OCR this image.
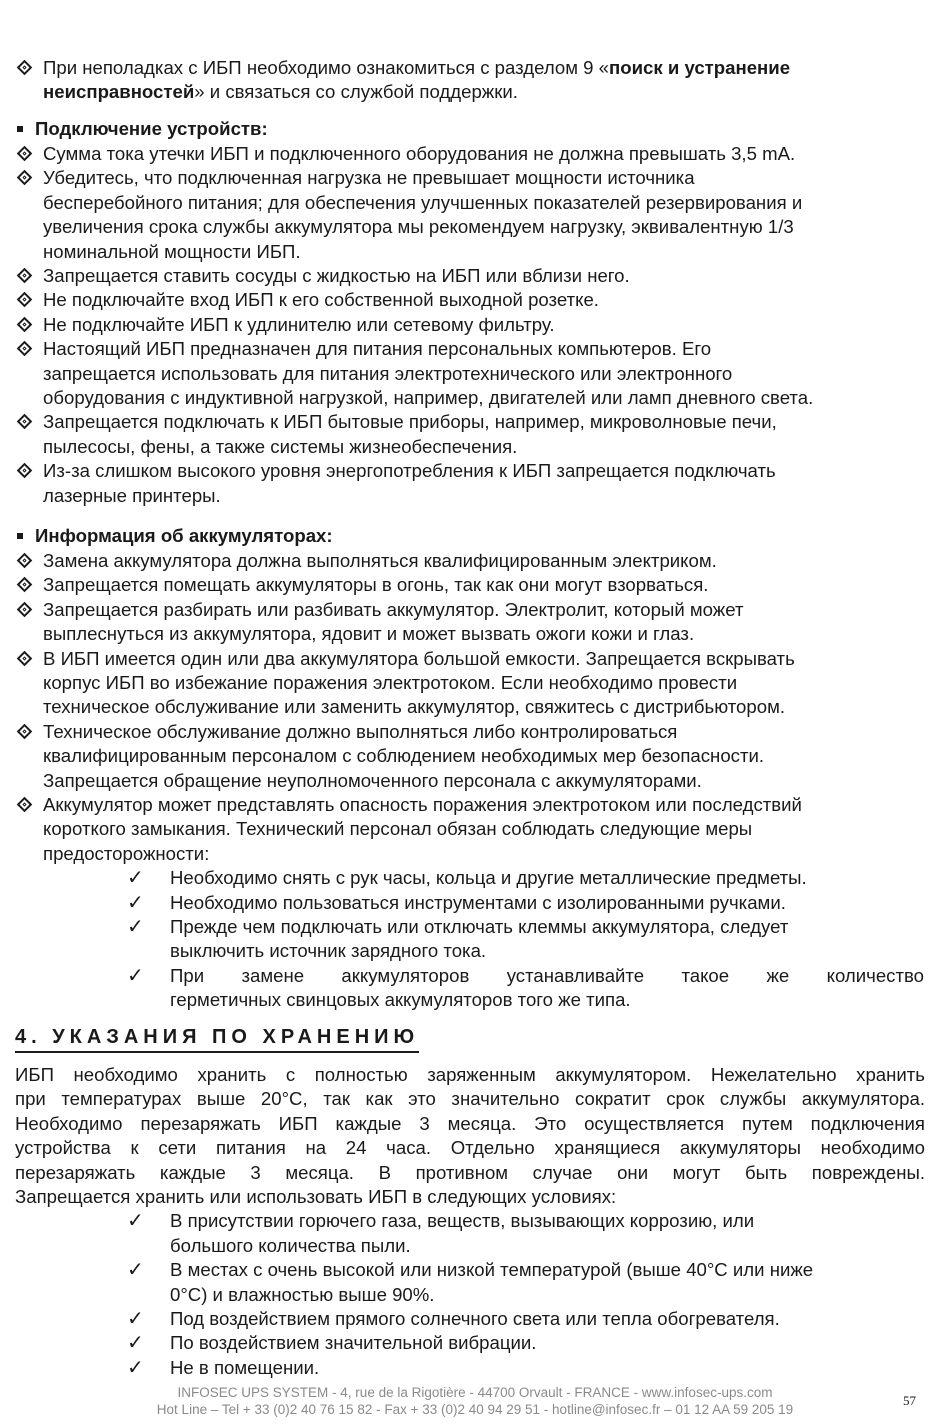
При неполадках с ИБП необходимо ознакомиться с разделом 9 «поиск и устранение
неисправностей» и связаться со службой поддержки.
Подключение устройств:
Сумма тока утечки ИБП и подключенного оборудования не должна превышать 3,5 mA.
Убедитесь, что подключенная нагрузка не превышает мощности источника
бесперебойного питания; для обеспечения улучшенных показателей резервирования и
увеличения срока службы аккумулятора мы рекомендуем нагрузку, эквивалентную 1/3
номинальной мощности ИБП.
Запрещается ставить сосуды с жидкостью на ИБП или вблизи него.
Не подключайте вход ИБП к его собственной выходной розетке.
Не подключайте ИБП к удлинителю или сетевому фильтру.
Настоящий ИБП предназначен для питания персональных компьютеров. Его
запрещается использовать для питания электротехнического или электронного
оборудования с индуктивной нагрузкой, например, двигателей или ламп дневного света.
Запрещается подключать к ИБП бытовые приборы, например, микроволновые печи,
пылесосы, фены, а также системы жизнеобеспечения.
Из-за слишком высокого уровня энергопотребления к ИБП запрещается подключать
лазерные принтеры.
Информация об аккумуляторах:
Замена аккумулятора должна выполняться квалифицированным электриком.
Запрещается помещать аккумуляторы в огонь, так как они могут взорваться.
Запрещается разбирать или разбивать аккумулятор. Электролит, который может
выплеснуться из аккумулятора, ядовит и может вызвать ожоги кожи и глаз.
В ИБП имеется один или два аккумулятора большой емкости. Запрещается вскрывать
корпус ИБП во избежание поражения электротоком. Если необходимо провести
техническое обслуживание или заменить аккумулятор, свяжитесь с дистрибьютором.
Техническое обслуживание должно выполняться либо контролироваться
квалифицированным персоналом с соблюдением необходимых мер безопасности.
Запрещается обращение неуполномоченного персонала с аккумуляторами.
Аккумулятор может представлять опасность поражения электротоком или последствий
короткого замыкания. Технический персонал обязан соблюдать следующие меры
предосторожности:
✓ Необходимо снять с рук часы, кольца и другие металлические предметы.
✓ Необходимо пользоваться инструментами с изолированными ручками.
✓ Прежде чем подключать или отключать клеммы аккумулятора, следует
выключить источник зарядного тока.
✓ При замене аккумуляторов устанавливайте такое же количество
герметичных свинцовых аккумуляторов того же типа.
4. УКАЗАНИЯ ПО ХРАНЕНИЮ
ИБП необходимо хранить с полностью заряженным аккумулятором. Нежелательно хранить
при температурах выше 20°C, так как это значительно сократит срок службы аккумулятора.
Необходимо перезаряжать ИБП каждые 3 месяца. Это осуществляется путем подключения
устройства к сети питания на 24 часа. Отдельно хранящиеся аккумуляторы необходимо
перезаряжать каждые 3 месяца. В противном случае они могут быть повреждены.
Запрещается хранить или использовать ИБП в следующих условиях:
✓ В присутствии горючего газа, веществ, вызывающих коррозию, или
большого количества пыли.
✓ В местах с очень высокой или низкой температурой (выше 40°C или ниже
0°C) и влажностью выше 90%.
✓ Под воздействием прямого солнечного света или тепла обогревателя.
✓ По воздействием значительной вибрации.
✓ Не в помещении.
INFOSEC UPS SYSTEM - 4, rue de la Rigotière - 44700 Orvault - FRANCE - www.infosec-ups.com
Hot Line – Tel + 33 (0)2 40 76 15 82 - Fax + 33 (0)2 40 94 29 51 - hotline@infosec.fr – 01 12 AA 59 205 19
57
